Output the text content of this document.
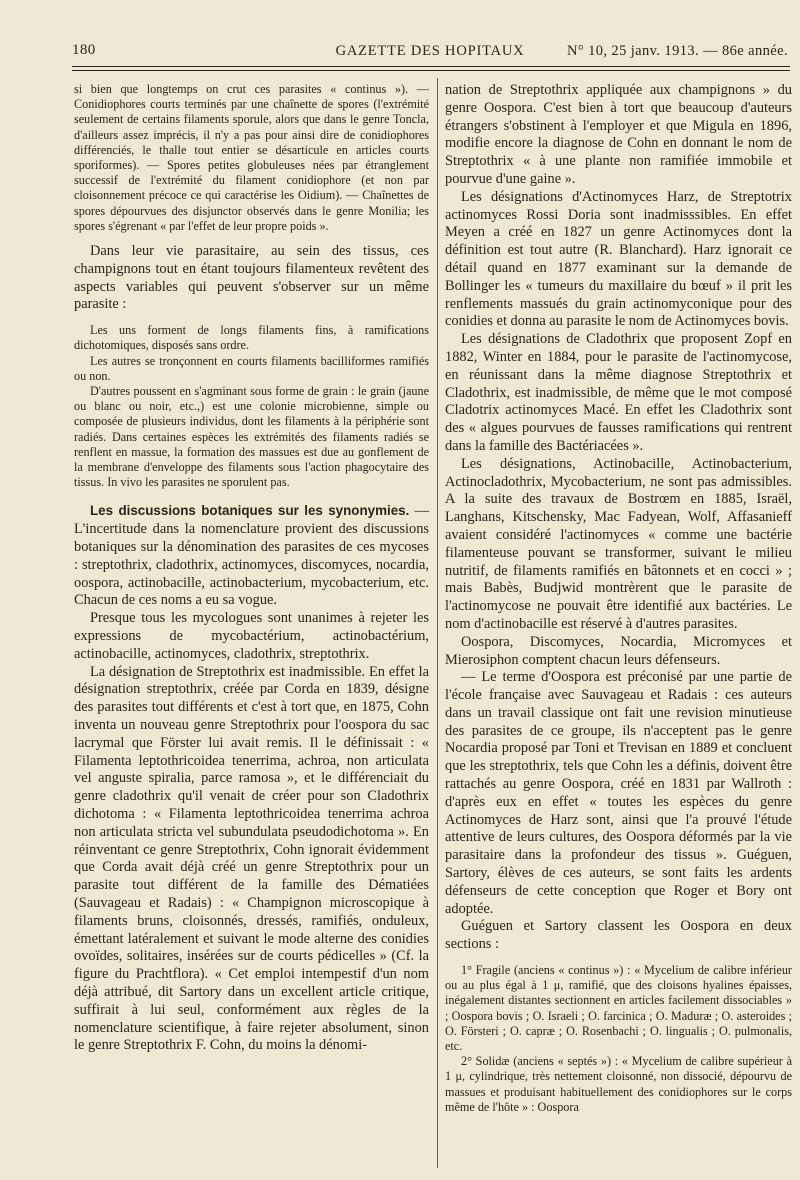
180	GAZETTE DES HOPITAUX	N° 10, 25 janv. 1913. — 86e année.

si bien que longtemps on crut ces parasites « continus »). — Conidiophores courts terminés par une chaînette de spores (l'extrémité seulement de certains filaments sporule, alors que dans le genre Toncla, d'ailleurs assez imprécis, il n'y a pas pour ainsi dire de conidiophores différenciés, le thalle tout entier se désarticule en articles courts sporiformes). — Spores petites globuleuses nées par étranglement successif de l'extrémité du filament conidiophore (et non par cloisonnement précoce ce qui caractérise les Oidium). — Chaînettes de spores dépourvues des disjunctor observés dans le genre Monilia; les spores s'égrenant « par l'effet de leur propre poids ».

Dans leur vie parasitaire, au sein des tissus, ces champignons tout en étant toujours filamenteux revêtent des aspects variables qui peuvent s'observer sur un même parasite :

Les uns forment de longs filaments fins, à ramifications dichotomiques, disposés sans ordre.

Les autres se tronçonnent en courts filaments bacilliformes ramifiés ou non.

D'autres poussent en s'agminant sous forme de grain : le grain (jaune ou blanc ou noir, etc.,) est une colonie microbienne, simple ou composée de plusieurs individus, dont les filaments à la périphérie sont radiés. Dans certaines espèces les extrémités des filaments radiés se renflent en massue, la formation des massues est due au gonflement de la membrane d'enveloppe des filaments sous l'action phagocytaire des tissus. In vivo les parasites ne sporulent pas.

Les discussions botaniques sur les synonymies. — L'incertitude dans la nomenclature provient des discussions botaniques sur la dénomination des parasites de ces mycoses : streptothrix, cladothrix, actinomyces, discomyces, nocardia, oospora, actinobacille, actinobacterium, mycobacterium, etc. Chacun de ces noms a eu sa vogue.

Presque tous les mycologues sont unanimes à rejeter les expressions de mycobactérium, actinobactérium, actinobacille, actinomyces, cladothrix, streptothrix.

La désignation de Streptothrix est inadmissible. En effet la désignation streptothrix, créée par Corda en 1839, désigne des parasites tout différents et c'est à tort que, en 1875, Cohn inventa un nouveau genre Streptothrix pour l'oospora du sac lacrymal que Förster lui avait remis. Il le définissait : « Filamenta leptothricoidea tenerrima, achroa, non articulata vel anguste spiralia, parce ramosa », et le différenciait du genre cladothrix qu'il venait de créer pour son Cladothrix dichotoma : « Filamenta leptothricoidea tenerrima achroa non articulata stricta vel subundulata pseudodichotoma ». En réinventant ce genre Streptothrix, Cohn ignorait évidemment que Corda avait déjà créé un genre Streptothrix pour un parasite tout différent de la famille des Dématiées (Sauvageau et Radais) : « Champignon microscopique à filaments bruns, cloisonnés, dressés, ramifiés, onduleux, émettant latéralement et suivant le mode alterne des conidies ovoïdes, solitaires, insérées sur de courts pédicelles » (Cf. la figure du Prachtflora). « Cet emploi intempestif d'un nom déjà attribué, dit Sartory dans un excellent article critique, suffirait à lui seul, conformément aux règles de la nomenclature scientifique, à faire rejeter absolument, sinon le genre Streptothrix F. Cohn, du moins la dénomi-

nation de Streptothrix appliquée aux champignons » du genre Oospora. C'est bien à tort que beaucoup d'auteurs étrangers s'obstinent à l'employer et que Migula en 1896, modifie encore la diagnose de Cohn en donnant le nom de Streptothrix « à une plante non ramifiée immobile et pourvue d'une gaine ».

Les désignations d'Actinomyces Harz, de Streptotrix actinomyces Rossi Doria sont inadmisssibles. En effet Meyen a créé en 1827 un genre Actinomyces dont la définition est tout autre (R. Blanchard). Harz ignorait ce détail quand en 1877 examinant sur la demande de Bollinger les « tumeurs du maxillaire du bœuf » il prit les renflements massués du grain actinomyconique pour des conidies et donna au parasite le nom de Actinomyces bovis.

Les désignations de Cladothrix que proposent Zopf en 1882, Winter en 1884, pour le parasite de l'actinomycose, en réunissant dans la même diagnose Streptothrix et Cladothrix, est inadmissible, de même que le mot composé Cladotrix actinomyces Macé. En effet les Cladothrix sont des « algues pourvues de fausses ramifications qui rentrent dans la famille des Bactériacées ».

Les désignations, Actinobacille, Actinobacterium, Actinocladothrix, Mycobacterium, ne sont pas admissibles. A la suite des travaux de Bostrœm en 1885, Israël, Langhans, Kitschensky, Mac Fadyean, Wolf, Affasanieff avaient considéré l'actinomyces « comme une bactérie filamenteuse pouvant se transformer, suivant le milieu nutritif, de filaments ramifiés en bâtonnets et en cocci » ; mais Babès, Budjwid montrèrent que le parasite de l'actinomycose ne pouvait être identifié aux bactéries. Le nom d'actinobacille est réservé à d'autres parasites.

Oospora, Discomyces, Nocardia, Micromyces et Mierosiphon comptent chacun leurs défenseurs.

— Le terme d'Oospora est préconisé par une partie de l'école française avec Sauvageau et Radais : ces auteurs dans un travail classique ont fait une revision minutieuse des parasites de ce groupe, ils n'acceptent pas le genre Nocardia proposé par Toni et Trevisan en 1889 et concluent que les streptothrix, tels que Cohn les a définis, doivent être rattachés au genre Oospora, créé en 1831 par Wallroth : d'après eux en effet « toutes les espèces du genre Actinomyces de Harz sont, ainsi que l'a prouvé l'étude attentive de leurs cultures, des Oospora déformés par la vie parasitaire dans la profondeur des tissus ». Guéguen, Sartory, élèves de ces auteurs, se sont faits les ardents défenseurs de cette conception que Roger et Bory ont adoptée.

Guéguen et Sartory classent les Oospora en deux sections :

1° Fragile (anciens « continus ») : « Mycelium de calibre inférieur ou au plus égal à 1 μ, ramifié, que des cloisons hyalines épaisses, inégalement distantes sectionnent en articles facilement dissociables » ; Oospora bovis ; O. Israeli ; O. farcinica ; O. Maduræ ; O. asteroides ; O. Försteri ; O. capræ ; O. Rosenbachi ; O. lingualis ; O. pulmonalis, etc.

2° Solidæ (anciens « septés ») : « Mycelium de calibre supérieur à 1 μ, cylindrique, très nettement cloisonné, non dissocié, dépourvu de massues et produisant habituellement des conidiophores sur le corps même de l'hôte » : Oospora
